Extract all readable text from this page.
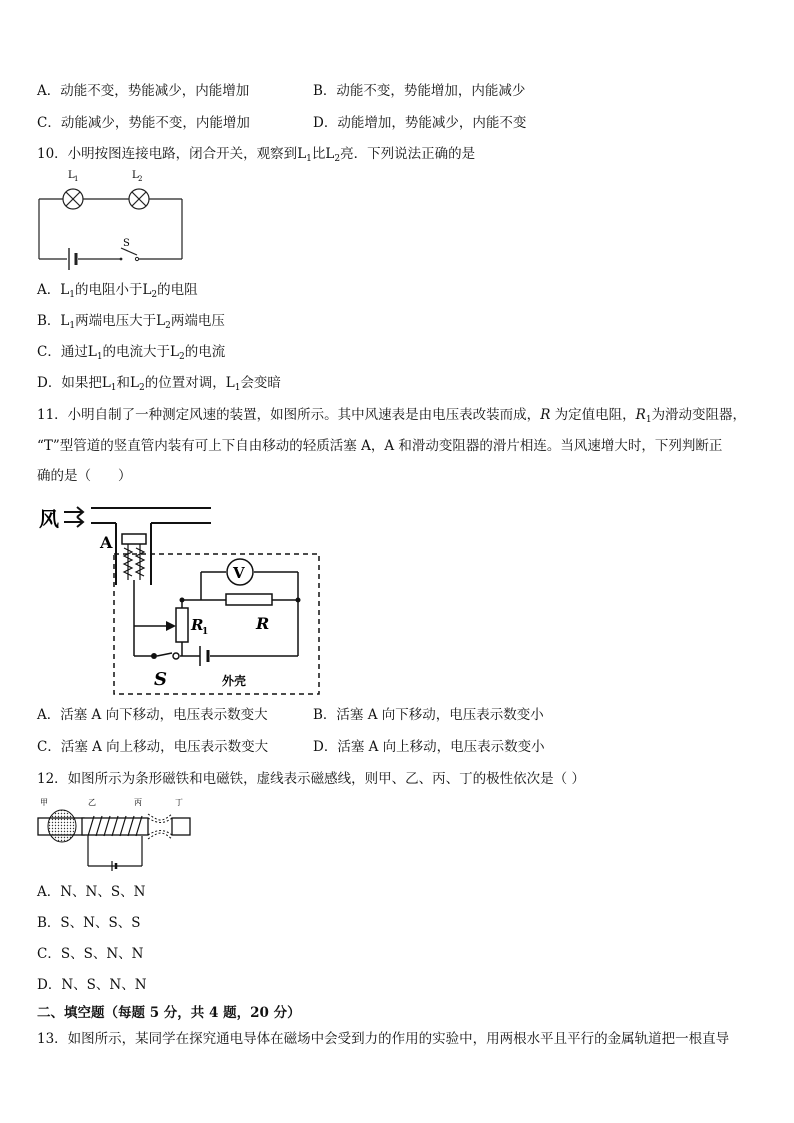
A．动能不变，势能减少，内能增加	B．动能不变，势能增加，内能减少
C．动能减少，势能不变，内能增加	D．动能增加，势能减少，内能不变
10．小明按图连接电路，闭合开关，观察到$L_1$比$L_2$亮．下列说法正确的是
L 1	L 2
S
A．$L_1$的电阻小于$L_2$的电阻
B．$L_1$两端电压大于$L_2$两端电压
C．通过$L_1$的电流大于$L_2$的电流
D．如果把$L_1$和$L_2$的位置对调，$L_1$会变暗
11．小明自制了一种测定风速的装置，如图所示。其中风速表是由电压表改装而成，R 为定值电阻，$R_1$为滑动变阻器，
“T”型管道的竖直管内装有可上下自由移动的轻质活塞 A，A 和滑动变阻器的滑片相连。当风速增大时，下列判断正
确的是（　　）
风
A
V
R
1	R
S	外壳
A．活塞 A 向下移动，电压表示数变大	B．活塞 A 向下移动，电压表示数变小
C．活塞 A 向上移动，电压表示数变大	D．活塞 A 向上移动，电压表示数变小
12．如图所示为条形磁铁和电磁铁，虚线表示磁感线，则甲、乙、丙、丁的极性依次是（ ）
甲	乙	丙	丁
A．N、N、S、N
B．S、N、S、S
C．S、S、N、N
D．N、S、N、N
二、填空题（每题 5 分，共 4 题，20 分）
13．如图所示，某同学在探究通电导体在磁场中会受到力的作用的实验中，用两根水平且平行的金属轨道把一根直导
